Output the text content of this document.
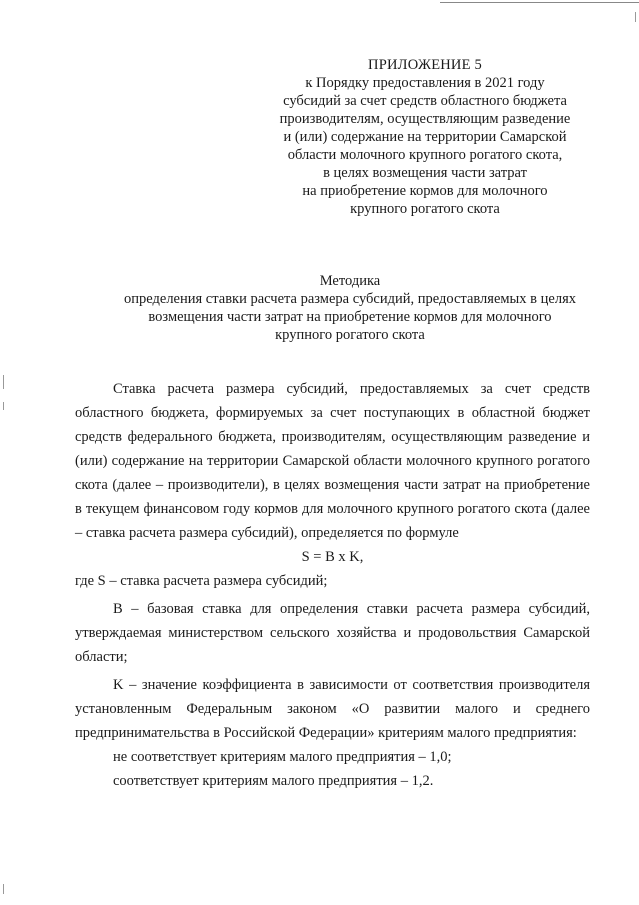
ПРИЛОЖЕНИЕ 5
к Порядку предоставления в 2021 году
субсидий за счет средств областного бюджета
производителям, осуществляющим разведение
и (или) содержание на территории Самарской
области молочного крупного рогатого скота,
в целях возмещения части затрат
на приобретение кормов для молочного
крупного рогатого скота
Методика
определения ставки расчета размера субсидий, предоставляемых в целях
возмещения части затрат на приобретение кормов для молочного
крупного рогатого скота

Ставка расчета размера субсидий, предоставляемых за счет средств областного бюджета, формируемых за счет поступающих в областной бюджет средств федерального бюджета, производителям, осуществляющим разведение и (или) содержание на территории Самарской области молочного крупного рогатого скота (далее – производители), в целях возмещения части затрат на приобретение в текущем финансовом году кормов для молочного крупного рогатого скота (далее – ставка расчета размера субсидий), определяется по формуле

S = B x K,

где S – ставка расчета размера субсидий;

B – базовая ставка для определения ставки расчета размера субсидий, утверждаемая министерством сельского хозяйства и продовольствия Самарской области;

K – значение коэффициента в зависимости от соответствия производителя установленным Федеральным законом «О развитии малого и среднего предпринимательства в Российской Федерации» критериям малого предприятия:

не соответствует критериям малого предприятия – 1,0;

соответствует критериям малого предприятия – 1,2.
